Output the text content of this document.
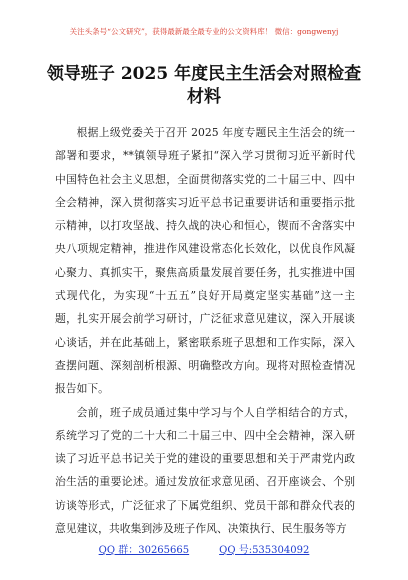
关注头条号“公文研究”，获得最新最全最专业的公文资料库！ 微信：gongwenyj
领导班子 2025 年度民主生活会对照检查
材料
根据上级党委关于召开 2025 年度专题民主生活会的统一
部署和要求，**镇领导班子紧扣“深入学习贯彻习近平新时代
中国特色社会主义思想，全面贯彻落实党的二十届三中、四中
全会精神，深入贯彻落实习近平总书记重要讲话和重要指示批
示精神，以打攻坚战、持久战的决心和恒心，锲而不舍落实中
央八项规定精神，推进作风建设常态化长效化，以优良作风凝
心聚力、真抓实干，聚焦高质量发展首要任务，扎实推进中国
式现代化，为实现“十五五”良好开局奠定坚实基础”这一主
题，扎实开展会前学习研讨，广泛征求意见建议，深入开展谈
心谈话，并在此基础上，紧密联系班子思想和工作实际，深入
查摆问题、深刻剖析根源、明确整改方向。现将对照检查情况
报告如下。
会前，班子成员通过集中学习与个人自学相结合的方式，
系统学习了党的二十大和二十届三中、四中全会精神，深入研
读了习近平总书记关于党的建设的重要思想和关于严肃党内政
治生活的重要论述。通过发放征求意见函、召开座谈会、个别
访谈等形式，广泛征求了下属党组织、党员干部和群众代表的
意见建议，共收集到涉及班子作风、决策执行、民生服务等方
QQ 群：30265665	QQ 号:535304092
